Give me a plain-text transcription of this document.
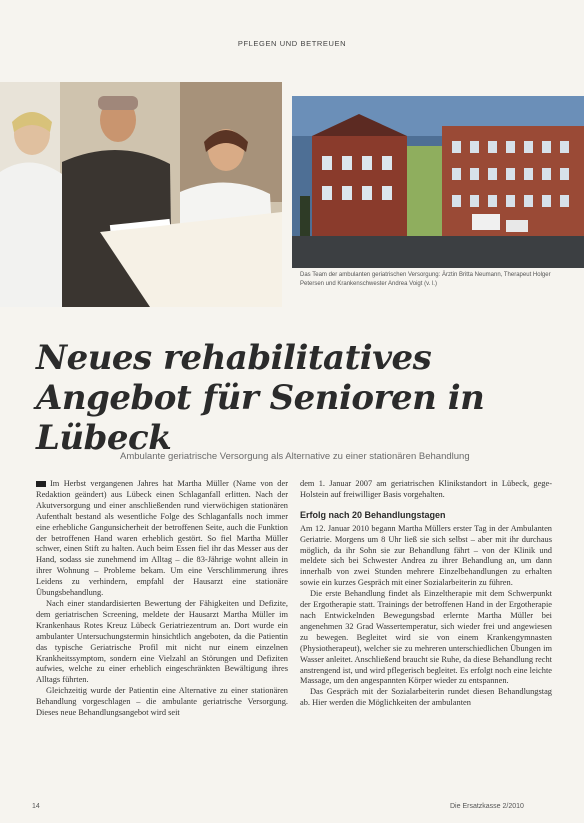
PFLEGEN UND BETREUEN
Das Team der ambulanten geriatrischen Versorgung: Ärztin Britta Neumann, Therapeut Holger Petersen und Krankenschwester Andrea Voigt (v. l.)
Neues rehabilitatives Angebot für Senioren in Lübeck
Ambulante geriatrische Versorgung als Alternative zu einer stationären Behandlung

Im Herbst vergangenen Jahres hat Martha Müller (Name von der Redaktion geändert) aus Lübeck einen Schlaganfall erlitten. Nach der Akutversorgung und einer anschließenden rund vierwöchigen stationären Aufenthalt bestand als wesentliche Folge des Schlaganfalls noch immer eine erhebliche Gangunsicherheit der betroffenen Seite, auch die Funktion der betroffenen Hand waren erheblich gestört. So fiel Martha Müller schwer, einen Stift zu halten. Auch beim Essen fiel ihr das Messer aus der Hand, sodass sie zunehmend im Alltag – die 83-Jährige wohnt allein in ihrer Wohnung – Probleme bekam. Um eine Verschlimmerung ihres Leidens zu verhindern, empfahl der Hausarzt eine stationäre Übungsbehandlung.

Nach einer standardisierten Bewertung der Fähigkeiten und Defizite, dem geriatrischen Screening, meldete der Hausarzt Martha Müller im Krankenhaus Rotes Kreuz Lübeck Geriatriezentrum an. Dort wurde ein ambulanter Untersuchungstermin hinsichtlich angeboten, da die Patientin das typische Geriatrische Profil mit nicht nur einem einzelnen Krankheitssymptom, sondern eine Vielzahl an Störungen und Defiziten aufwies, welche zu einer erheblich eingeschränkten Bewältigung ihres Alltags führten.

Gleichzeitig wurde der Patientin eine Alternative zu einer stationären Behandlung vorgeschlagen – die ambulante geriatrische Versorgung. Dieses neue Behandlungsangebot wird seit

dem 1. Januar 2007 am geriatrischen Klinikstandort in Lübeck, gege-Holstein auf freiwilliger Basis vorgehalten.

Erfolg nach 20 Behandlungstagen

Am 12. Januar 2010 begann Martha Müllers erster Tag in der Ambulanten Geriatrie. Morgens um 8 Uhr ließ sie sich selbst – aber mit ihr durchaus möglich, da ihr Sohn sie zur Behandlung fährt – von der Klinik und meldete sich bei Schwester Andrea zu ihrer Behandlung an, um dann innerhalb von zwei Stunden mehrere Einzelbehandlungen zu erhalten sowie ein kurzes Gespräch mit einer Sozialarbeiterin zu führen.

Die erste Behandlung findet als Einzeltherapie mit dem Schwerpunkt der Ergotherapie statt. Trainings der betroffenen Hand in der Ergotherapie nach Entwickelnden Bewegungsbad erlernte Martha Müller bei angenehmen 32 Grad Wassertemperatur, sich wieder frei und angewiesen zu bewegen. Begleitet wird sie von einem Krankengymnasten (Physiotherapeut), welcher sie zu mehreren unterschiedlichen Übungen im Wasser anleitet. Anschließend braucht sie Ruhe, da diese Behandlung recht anstrengend ist, und wird pflegerisch begleitet. Es erfolgt noch eine leichte Massage, um den angespannten Körper wieder zu entspannen.

Das Gespräch mit der Sozialarbeiterin rundet diesen Behandlungstag ab. Hier werden die Möglichkeiten der ambulanten

14	Die Ersatzkasse 2/2010
